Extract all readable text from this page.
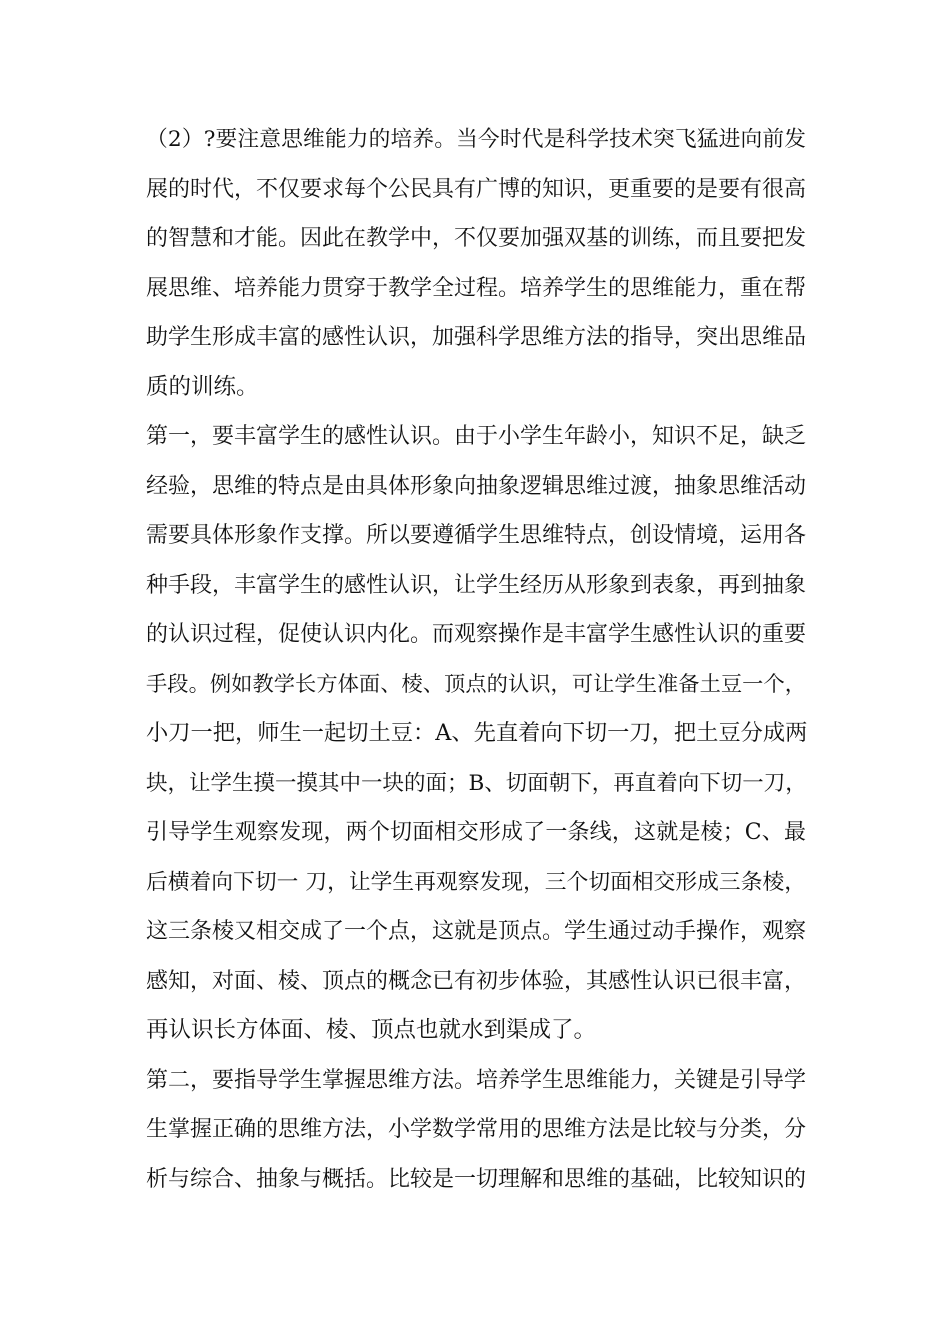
（2）?要注意思维能力的培养。当今时代是科学技术突飞猛进向前发
展的时代，不仅要求每个公民具有广博的知识，更重要的是要有很高
的智慧和才能。因此在教学中，不仅要加强双基的训练，而且要把发
展思维、培养能力贯穿于教学全过程。培养学生的思维能力，重在帮
助学生形成丰富的感性认识，加强科学思维方法的指导，突出思维品
质的训练。
第一，要丰富学生的感性认识。由于小学生年龄小，知识不足，缺乏
经验，思维的特点是由具体形象向抽象逻辑思维过渡，抽象思维活动
需要具体形象作支撑。所以要遵循学生思维特点，创设情境，运用各
种手段，丰富学生的感性认识，让学生经历从形象到表象，再到抽象
的认识过程，促使认识内化。而观察操作是丰富学生感性认识的重要
手段。例如教学长方体面、棱、顶点的认识，可让学生准备土豆一个，
小刀一把，师生一起切土豆：A、先直着向下切一刀，把土豆分成两
块，让学生摸一摸其中一块的面；B、切面朝下，再直着向下切一刀，
引导学生观察发现，两个切面相交形成了一条线，这就是棱；C、最
后横着向下切一 刀，让学生再观察发现，三个切面相交形成三条棱，
这三条棱又相交成了一个点，这就是顶点。学生通过动手操作，观察
感知，对面、棱、顶点的概念已有初步体验，其感性认识已很丰富，
再认识长方体面、棱、顶点也就水到渠成了。
第二，要指导学生掌握思维方法。培养学生思维能力，关键是引导学
生掌握正确的思维方法，小学数学常用的思维方法是比较与分类，分
析与综合、抽象与概括。比较是一切理解和思维的基础，比较知识的
